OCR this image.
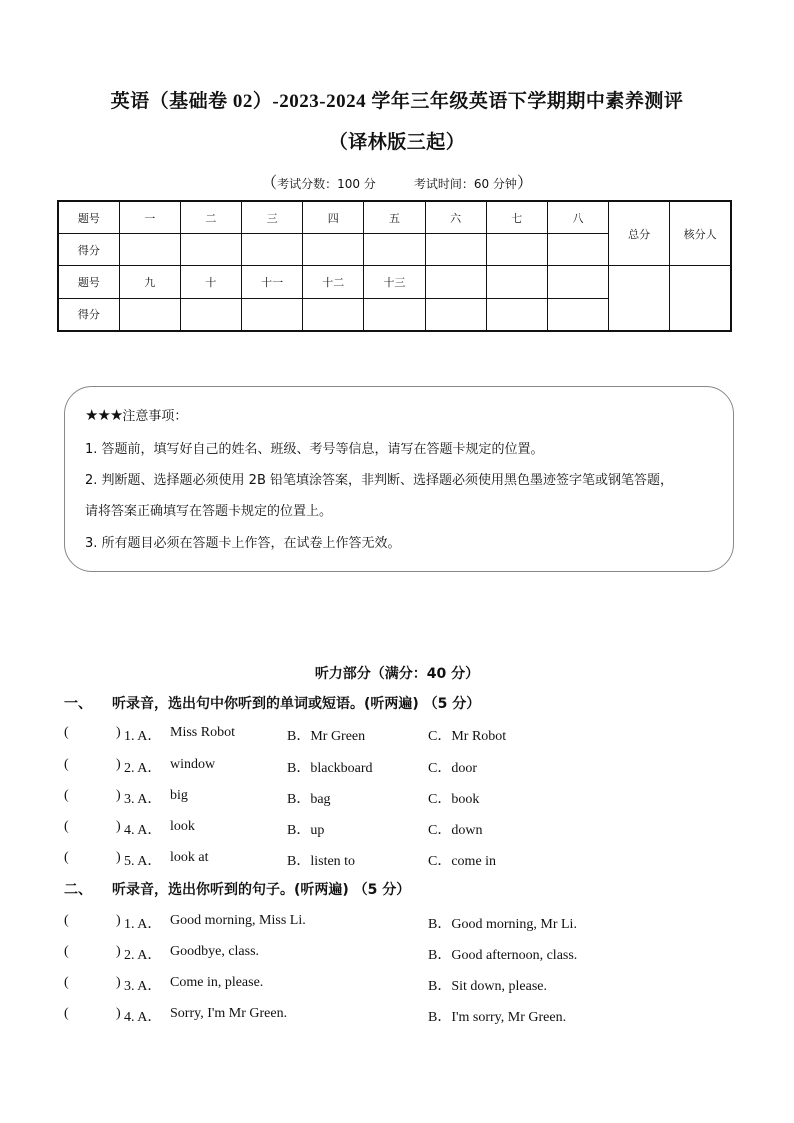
英语（基础卷 02）-2023-2024 学年三年级英语下学期期中素养测评
（译林版三起）
（考试分数：100 分	考试时间：60 分钟）
题号	一	二	三	四	五	六	七	八	总分	核分人
得分										
题号	九	十	十一	十二	十三					
得分										
★★★注意事项：
1. 答题前，填写好自己的姓名、班级、考号等信息，请写在答题卡规定的位置。
2. 判断题、选择题必须使用 2B 铅笔填涂答案，非判断、选择题必须使用黑色墨迹签字笔或钢笔答题，
请将答案正确填写在答题卡规定的位置上。
3. 所有题目必须在答题卡上作答，在试卷上作答无效。
听力部分（满分：40 分）
一、 听录音，选出句中你听到的单词或短语。(听两遍) （5 分）
(	) 1. A． Miss Robot	B．Mr Green	C．Mr Robot
(	) 2. A． window	B．blackboard	C．door
(	) 3. A． big	B．bag	C．book
(	) 4. A． look	B．up	C．down
(	) 5. A． look at	B．listen to	C．come in
二、 听录音，选出你听到的句子。(听两遍) （5 分）
(	) 1. A． Good morning, Miss Li.	B．Good morning, Mr Li.
(	) 2. A． Goodbye, class.	B．Good afternoon, class.
(	) 3. A． Come in, please.	B．Sit down, please.
(	) 4. A． Sorry, I'm Mr Green.	B．I'm sorry, Mr Green.
